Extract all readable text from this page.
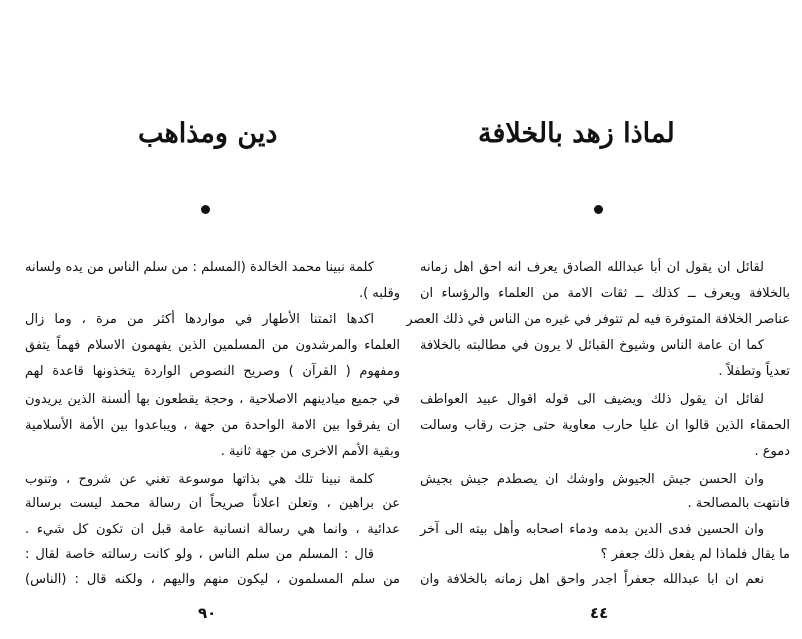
دين ومذاهب
كلمة نبينا محمد الخالدة (المسلم : من سلم الناس من يده ولسانه
وقلبه ).
اكدها ائمتنا الأطهار في مواردها أكثر من مرة ، وما زال
العلماء والمرشدون من المسلمين الذين يفهمون الاسلام فهماً يتفق
ومفهوم ( القرآن ) وصريح النصوص الواردة يتخذونها قاعدة لهم
في جميع ميادينهم الاصلاحية ، وحجة يقطعون بها ألسنة الذين يريدون
ان يفرقوا بين الامة الواحدة من جهة ، ويباعدوا بين الأمة الأسلامية
وبقية الأمم الاخرى من جهة ثانية .
كلمة نبينا تلك هي بذاتها موسوعة تغني عن شروح ، وتنوب
عن براهين ، وتعلن اعلاناً صريحاً ان رسالة محمد ليست برسالة
عدائية ، وانما هي رسالة انسانية عامة قبل ان تكون كل شيء .
قال : المسلم من سلم الناس ، ولو كانت رسالته خاصة لقال :
من سلم المسلمون ، ليكون منهم واليهم ، ولكنه قال : (الناس)
٩٠
لماذا زهد بالخلافة
لقائل ان يقول ان أبا عبدالله الصادق يعرف انه احق اهل زمانه
بالخلافة ويعرف ــ كذلك ــ ثقات الامة من العلماء والرؤساء ان
عناصر الخلافة المتوفرة فيه لم تتوفر في غيره من الناس في ذلك العصر
كما ان عامة الناس وشيوخ القبائل لا يرون في مطالبته بالخلافة
تعدياً وتطفلاً .
لقائل ان يقول ذلك ويضيف الى قوله اقوال عبيد العواطف
الحمقاء الذين قالوا ان عليا حارب معاوية حتى جزت رقاب وسالت
دموع .
وان الحسن جيش الجيوش واوشك ان يصطدم جيش بجيش
فانتهت بالمصالحة .
وان الحسين فدى الدين بدمه ودماء اصحابه وأهل بيته الى آخر
ما يقال فلماذا لم يفعل ذلك جعفر ؟
نعم ان ابا عبدالله جعفراً اجدر واحق اهل زمانه بالخلافة وان
٤٤
